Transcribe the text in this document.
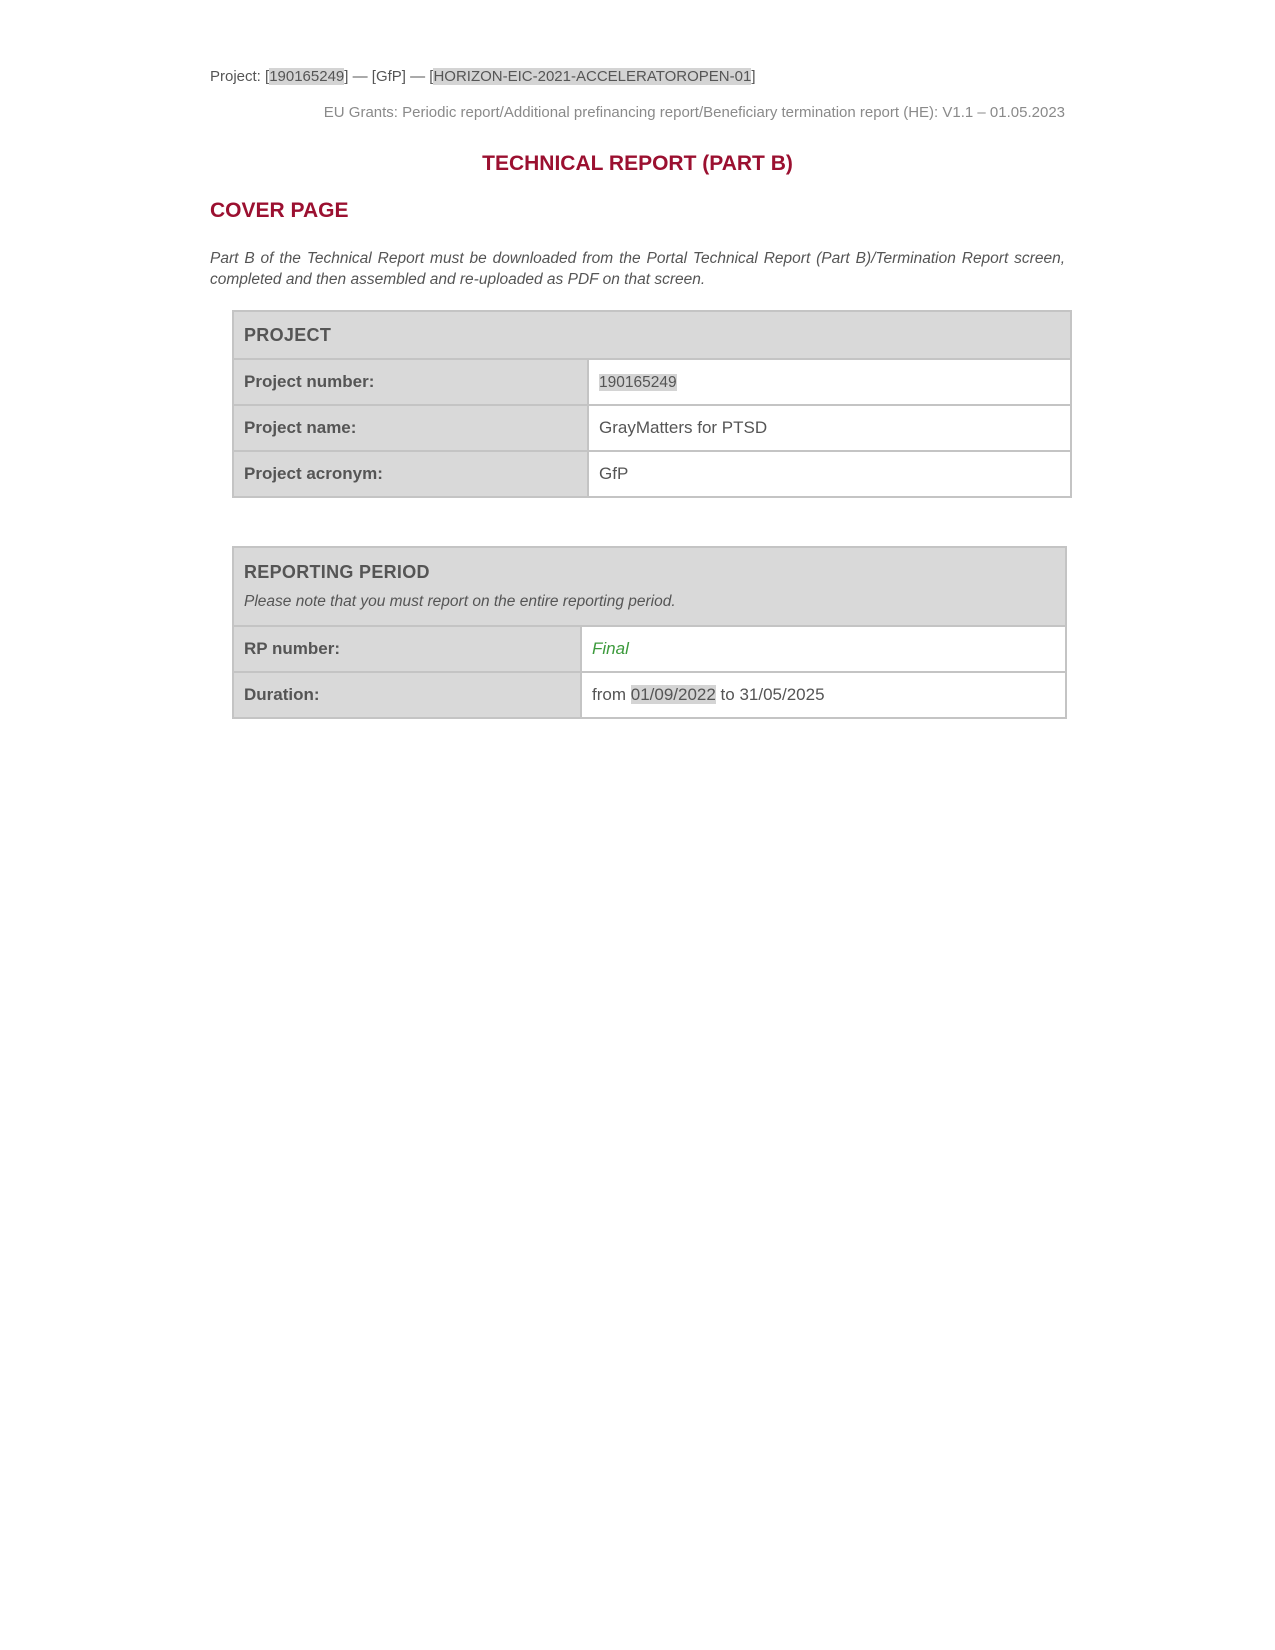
Project: [190165249] — [GfP] — [HORIZON-EIC-2021-ACCELERATOROPEN-01]
EU Grants: Periodic report/Additional prefinancing report/Beneficiary termination report (HE): V1.1 – 01.05.2023
TECHNICAL REPORT (PART B)
COVER PAGE
Part B of the Technical Report must be downloaded from the Portal Technical Report (Part B)/Termination Report screen, completed and then assembled and re-uploaded as PDF on that screen.
PROJECT	
Project number:	190165249
Project name:	GrayMatters for PTSD
Project acronym:	GfP
REPORTING PERIOD
Please note that you must report on the entire reporting period.	

RP number:	Final
Duration:	from 01/09/2022 to 31/05/2025
